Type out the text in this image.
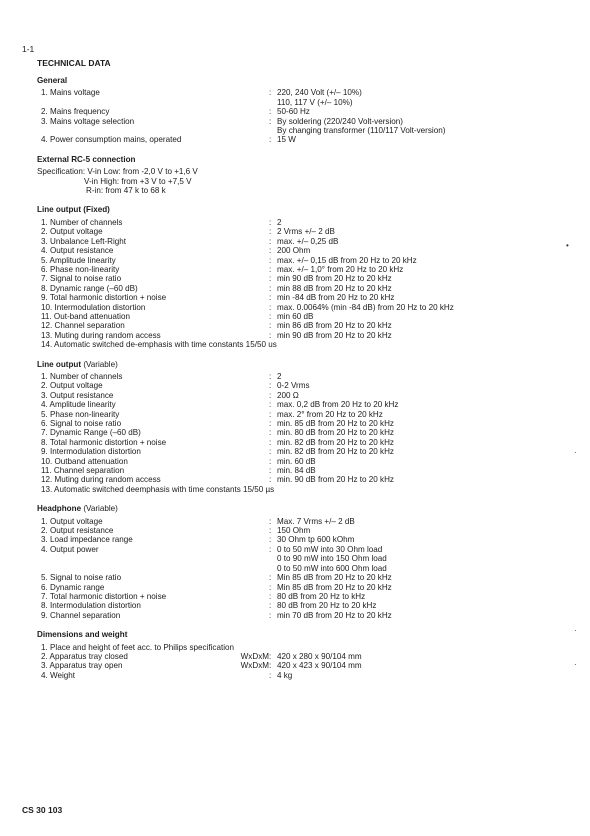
1-1
TECHNICAL DATA
General
1. Mains voltage	: 220, 240 Volt (+/– 10%)
110, 117 V (+/– 10%)
2. Mains frequency	: 50-60 Hz
3. Mains voltage selection	: By soldering (220/240 Volt-version)
By changing transformer (110/117 Volt-version)
4. Power consumption mains, operated	: 15 W
External RC-5 connection
Specification: V-in Low: from -2,0 V to +1,6 V
V-in High: from +3 V to +7,5 V
R-in: from 47 k to 68 k
Line output (Fixed)
1. Number of channels	: 2
2. Output voltage	: 2 Vrms +/– 2 dB
3. Unbalance Left-Right	: max. +/– 0,25 dB
4. Output resistance	: 200 Ohm
5. Amplitude linearity	: max. +/– 0,15 dB from 20 Hz to 20 kHz
6. Phase non-linearity	: max. +/– 1,0° from 20 Hz to 20 kHz
7. Signal to noise ratio	: min 90 dB from 20 Hz to 20 kHz
8. Dynamic range (–60 dB)	: min 88 dB from 20 Hz to 20 kHz
9. Total harmonic distortion + noise	: min -84 dB from 20 Hz to 20 kHz
10. Intermodulation distortion	: max. 0.0064% (min -84 dB) from 20 Hz to 20 kHz
11. Out-band attenuation	: min 60 dB
12. Channel separation	: min 86 dB from 20 Hz to 20 kHz
13. Muting during random access	: min 90 dB from 20 Hz to 20 kHz
14. Automatic switched de-emphasis with time constants 15/50 us
Line output (Variable)
1. Number of channels	: 2
2. Output voltage	: 0-2 Vrms
3. Output resistance	: 200 Ω
4. Amplitude linearity	: max. 0,2 dB from 20 Hz to 20 kHz
5. Phase non-linearity	: max. 2° from 20 Hz to 20 kHz
6. Signal to noise ratio	: min. 85 dB from 20 Hz to 20 kHz
7. Dynamic Range (–60 dB)	: min. 80 dB from 20 Hz to 20 kHz
8. Total harmonic distortion + noise	: min. 82 dB from 20 Hz to 20 kHz
9. Intermodulation distortion	: min. 82 dB from 20 Hz to 20 kHz
10. Outband attenuation	: min. 60 dB
11. Channel separation	: min. 84 dB
12. Muting during random access	: min. 90 dB from 20 Hz to 20 kHz
13. Automatic switched deemphasis with time constants 15/50 µs
Headphone (Variable)
1. Output voltage	: Max. 7 Vrms +/– 2 dB
2. Output resistance	: 150 Ohm
3. Load impedance range	: 30 Ohm tp 600 kOhm
4. Output power	: 0 to 50 mW into 30 Ohm load
0 to 90 mW into 150 Ohm load
0 to 50 mW into 600 Ohm load
5. Signal to noise ratio	: Min 85 dB from 20 Hz to 20 kHz
6. Dynamic range	: Min 85 dB from 20 Hz to 20 kHz
7. Total harmonic distortion + noise	: 80 dB from 20 Hz to kHz
8. Intermodulation distortion	: 80 dB from 20 Hz to 20 kHz
9. Channel separation	: min 70 dB from 20 Hz to 20 kHz
Dimensions and weight
1. Place and height of feet acc. to Philips specification
2. Apparatus tray closed	WxDxM : 420 x 280 x 90/104 mm
3. Apparatus tray open	WxDxM : 420 x 423 x 90/104 mm
4. Weight	: 4 kg
CS 30 103
•
·
·
·
